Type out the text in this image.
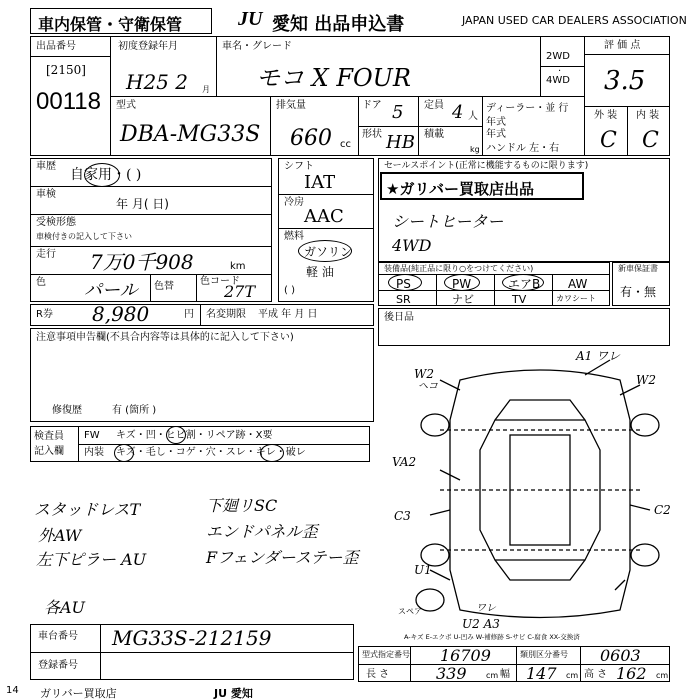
車内保管・守衛保管	JU 愛知 出品申込書	JAPAN USED CAR DEALERS ASSOCIATION
出品番号
[2150]
00118
初度登録年月
H25 2 月
車名・グレード
モコ X FOUR
2WD
4WD
·
評 価 点
3.5
外 装 内 装
C C
型式
DBA-MG33S
排気量
660 cc
ドア 5 定員 4 人
形状 HB 積載
kg
ディーラー・並 行
年式
年式
ハンドル 左・右
車歴
自家用・( )
車検
年 月( 日)
受検形態
車検付きの記入して下さい
走行 7万0千908	km
色 パール 色替	色コード
27T
シフト
IAT
冷房
AAC
燃料
ガソリン
軽 油
( )
セールスポイント(正常に機能するものに限ります)
★ガリバー買取店出品
シートヒーター
4WD
装備品(純正品に限り○をつけてください)
PS	PW	エアB AW
SR	ナビ	TV	カワシート
新車保証書
有・無
R券 8,980	円 名変期限 平成 年 月 日	後日品
注意事項申告欄(不具合内容等は具体的に記入して下さい)
修復歴	有 (箇所 )
検査員
記入欄
FW キズ・凹・ヒビ割・リペア跡・X要
内装 キズ・毛し・コゲ・穴・スレ・キレ・破レ
スタッドレスT	下廻リSC
外AW	エンドパネル歪
左下ピラー AU	Fフェンダーステー歪
各AU
A1 ワレ
W2
ヘコ	W2
VA2
C3	C2
U1
U2 A3
ワレ
スペア
A-キズ E-エクボ U-凹み W-補修跡 S-サビ C-腐食 XX-交換済
車台番号 MG33S-212159
登録番号
型式指定番号 16709	類別区分番号 0603
長 さ	339 cm 幅 147 cm 高 さ 162 cm
14 ガリバー買取店	JU 愛知
